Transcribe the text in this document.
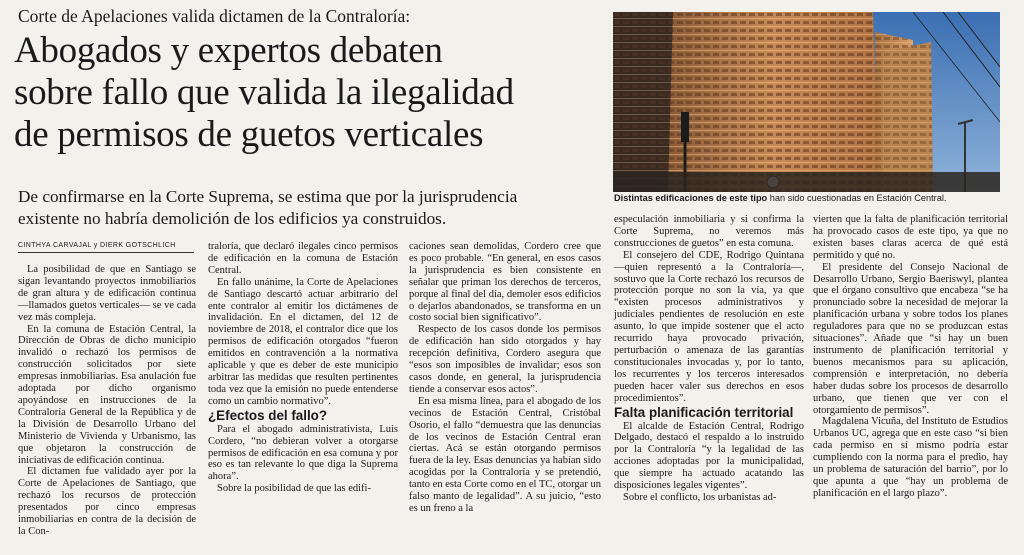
Corte de Apelaciones valida dictamen de la Contraloría:
Abogados y expertos debaten
sobre fallo que valida la ilegalidad
de permisos de guetos verticales
De confirmarse en la Corte Suprema, se estima que por la jurisprudencia
existente no habría demolición de los edificios ya construidos.
CINTHYA CARVAJAL y DIERK GOTSCHLICH
Distintas edificaciones de este tipo han sido cuestionadas en Estación Central.

La posibilidad de que en Santiago se sigan levantando proyectos inmobiliarios de gran altura y de edificación continua —llamados guetos verticales— se ve cada vez más compleja.

En la comuna de Estación Central, la Dirección de Obras de dicho municipio invalidó o rechazó los permisos de construcción solicitados por siete empresas inmobiliarias. Esa anulación fue adoptada por dicho organismo apoyándose en instrucciones de la Contraloría General de la República y de la División de Desarrollo Urbano del Ministerio de Vivienda y Urbanismo, las que objetaron la construcción de iniciativas de edificación continua.

El dictamen fue validado ayer por la Corte de Apelaciones de Santiago, que rechazó los recursos de protección presentados por cinco empresas inmobiliarias en contra de la decisión de la Con-

traloría, que declaró ilegales cinco permisos de edificación en la comuna de Estación Central.

En fallo unánime, la Corte de Apelaciones de Santiago descartó actuar arbitrario del ente contralor al emitir los dictámenes de invalidación. En el dictamen, del 12 de noviembre de 2018, el contralor dice que los permisos de edificación otorgados “fueron emitidos en contravención a la normativa aplicable y que es deber de este municipio arbitrar las medidas que resulten pertinentes toda vez que la emisión no puede entenderse como un cambio normativo”.

¿Efectos del fallo?

Para el abogado administrativista, Luis Cordero, “no debieran volver a otorgarse permisos de edificación en esa comuna y por eso es tan relevante lo que diga la Suprema ahora”.

Sobre la posibilidad de que las edifi-

caciones sean demolidas, Cordero cree que es poco probable. “En general, en esos casos la jurisprudencia es bien consistente en señalar que priman los derechos de terceros, porque al final del día, demoler esos edificios o dejarlos abandonados, se transforma en un costo social bien significativo”.

Respecto de los casos donde los permisos de edificación han sido otorgados y hay recepción definitiva, Cordero asegura que “esos son imposibles de invalidar; esos son casos donde, en general, la jurisprudencia tiende a conservar esos actos”.

En esa misma línea, para el abogado de los vecinos de Estación Central, Cristóbal Osorio, el fallo “demuestra que las denuncias de los vecinos de Estación Central eran ciertas. Acá se están otorgando permisos fuera de la ley. Esas denuncias ya habían sido acogidas por la Contraloría y se pretendió, tanto en esta Corte como en el TC, otorgar un falso manto de legalidad”. A su juicio, “esto es un freno a la

especulación inmobiliaria y si confirma la Corte Suprema, no veremos más construcciones de guetos” en esta comuna.

El consejero del CDE, Rodrigo Quintana —quien representó a la Contraloría—, sostuvo que la Corte rechazó los recursos de protección porque no son la vía, ya que “existen procesos administrativos y judiciales pendientes de resolución en este asunto, lo que impide sostener que el acto recurrido haya provocado privación, perturbación o amenaza de las garantías constitucionales invocadas y, por lo tanto, los recurrentes y los terceros interesados pueden hacer valer sus derechos en esos procedimientos”.

Falta planificación territorial

El alcalde de Estación Central, Rodrigo Delgado, destacó el respaldo a lo instruido por la Contraloría “y la legalidad de las acciones adoptadas por la municipalidad, que siempre ha actuado acatando las disposiciones legales vigentes”.

Sobre el conflicto, los urbanistas ad-

vierten que la falta de planificación territorial ha provocado casos de este tipo, ya que no existen bases claras acerca de qué está permitido y qué no.

El presidente del Consejo Nacional de Desarrollo Urbano, Sergio Baeriswyl, plantea que el órgano consultivo que encabeza “se ha pronunciado sobre la necesidad de mejorar la planificación urbana y sobre todos los planes reguladores para que no se produzcan estas situaciones”. Añade que “si hay un buen instrumento de planificación territorial y buenos mecanismos para su aplicación, comprensión e interpretación, no debería haber dudas sobre los procesos de desarrollo urbano, que tienen que ver con el otorgamiento de permisos”.

Magdalena Vicuña, del Instituto de Estudios Urbanos UC, agrega que en este caso “si bien cada permiso en sí mismo podría estar cumpliendo con la norma para el predio, hay un problema de saturación del barrio”, por lo que apunta a que “hay un problema de planificación en el largo plazo”.
